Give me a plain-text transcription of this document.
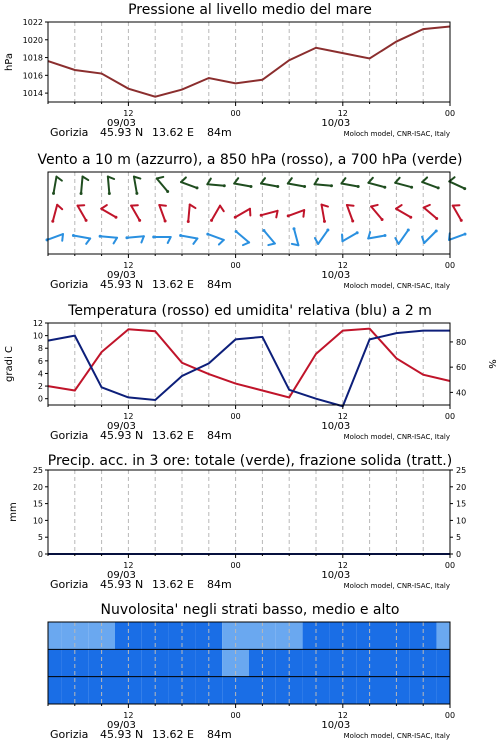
Pressione al livello medio del mare
1014
1016
1018
1020
1022
hPa
12	00	12	00
09/03	10/03
Gorizia 45.93 N 13.62 E 84m	Moloch model, CNR-ISAC, Italy
Vento a 10 m (azzurro), a 850 hPa (rosso), a 700 hPa (verde)
12	00	12	00
09/03	10/03
Gorizia 45.93 N 13.62 E 84m	Moloch model, CNR-ISAC, Italy
Temperatura (rosso) ed umidita' relativa (blu) a 2 m
0
2
4
6
8
10
12
gradi C
40
60
80
%
12	00	12	00
09/03	10/03
Gorizia 45.93 N 13.62 E 84m	Moloch model, CNR-ISAC, Italy
Precip. acc. in 3 ore: totale (verde), frazione solida (tratt.)
0
5
10
15
20
25
0
5
10
15
20
25
mm
12	00	12	00
09/03	10/03
Gorizia 45.93 N 13.62 E 84m	Moloch model, CNR-ISAC, Italy
Nuvolosita' negli strati basso, medio e alto
12	00	12	00
09/03	10/03
Gorizia 45.93 N 13.62 E 84m	Moloch model, CNR-ISAC, Italy
